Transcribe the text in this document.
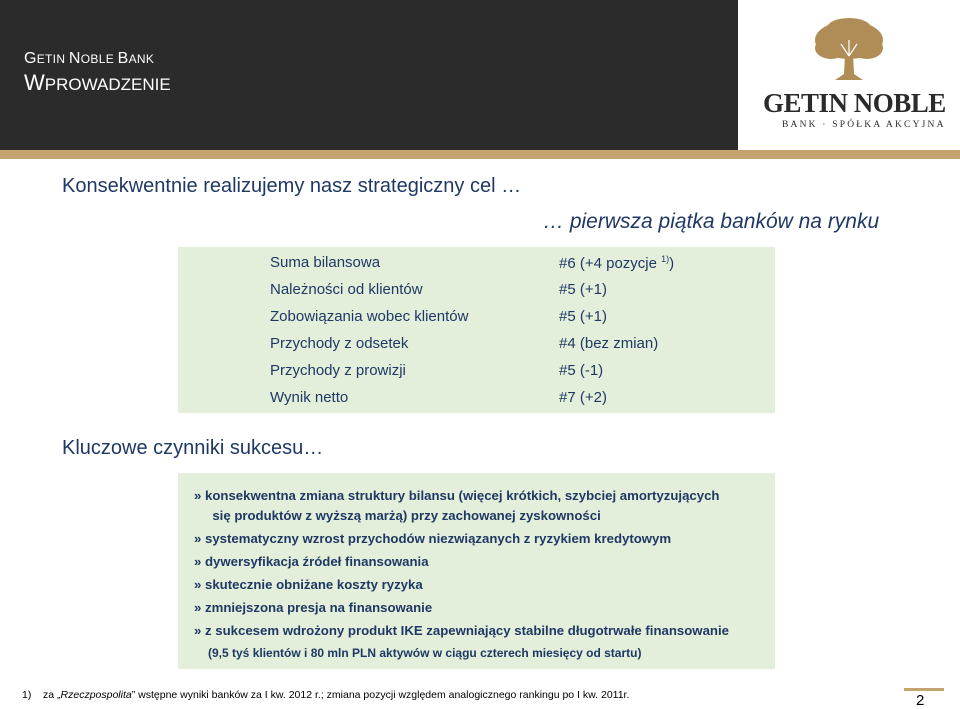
GETIN NOBLE BANK
WPROWADZENIE
GETIN NOBLE
BANK · SPÓŁKA AKCYJNA
Konsekwentnie realizujemy nasz strategiczny cel …
… pierwsza piątka banków na rynku
Suma bilansowa	#6 (+4 pozycje $^{1)}$)
Należności od klientów	#5 (+1)
Zobowiązania wobec klientów	#5 (+1)
Przychody z odsetek	#4 (bez zmian)
Przychody z prowizji	#5 (-1)
Wynik netto	#7 (+2)
Kluczowe czynniki sukcesu…
» konsekwentna zmiana struktury bilansu (więcej krótkich, szybciej amortyzujących
się produktów z wyższą marżą) przy zachowanej zyskowności
» systematyczny wzrost przychodów niezwiązanych z ryzykiem kredytowym
» dywersyfikacja źródeł finansowania
» skutecznie obniżane koszty ryzyka
» zmniejszona presja na finansowanie
» z sukcesem wdrożony produkt IKE zapewniający stabilne długotrwałe finansowanie
(9,5 tyś klientów i 80 mln PLN aktywów w ciągu czterech miesięcy od startu)
1) za „Rzeczpospolita” wstępne wyniki banków za I kw. 2012 r.; zmiana pozycji względem analogicznego rankingu po I kw. 2011r.	2
